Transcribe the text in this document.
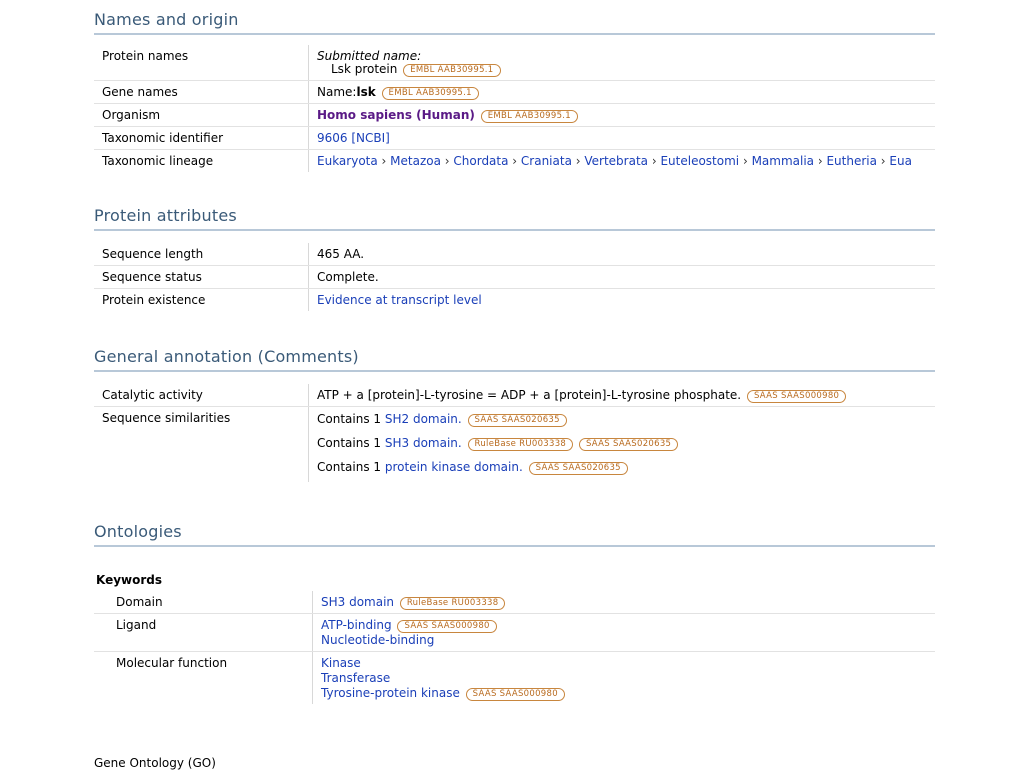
Names and origin
Protein names	Submitted name:
Lsk protein EMBL AAB30995.1

Gene names	Name:lsk EMBL AAB30995.1
Organism	Homo sapiens (Human) EMBL AAB30995.1
Taxonomic identifier	9606 [NCBI]
Taxonomic lineage	Eukaryota › Metazoa › Chordata › Craniata › Vertebrata › Euteleostomi › Mammalia › Eutheria › Eua
Protein attributes
Sequence length	465 AA.
Sequence status	Complete.
Protein existence	Evidence at transcript level
General annotation (Comments)
Catalytic activity	ATP + a [protein]-L-tyrosine = ADP + a [protein]-L-tyrosine phosphate. SAAS SAAS000980
Sequence similarities	Contains 1 SH2 domain. SAAS SAAS020635
Contains 1 SH3 domain. RuleBase RU003338 SAAS SAAS020635
Contains 1 protein kinase domain. SAAS SAAS020635
Ontologies
Keywords
Domain	SH3 domain RuleBase RU003338
Ligand	ATP-binding SAAS SAAS000980
Nucleotide-binding

Molecular function	Kinase
Transferase
Tyrosine-protein kinase SAAS SAAS000980
Gene Ontology (GO)
